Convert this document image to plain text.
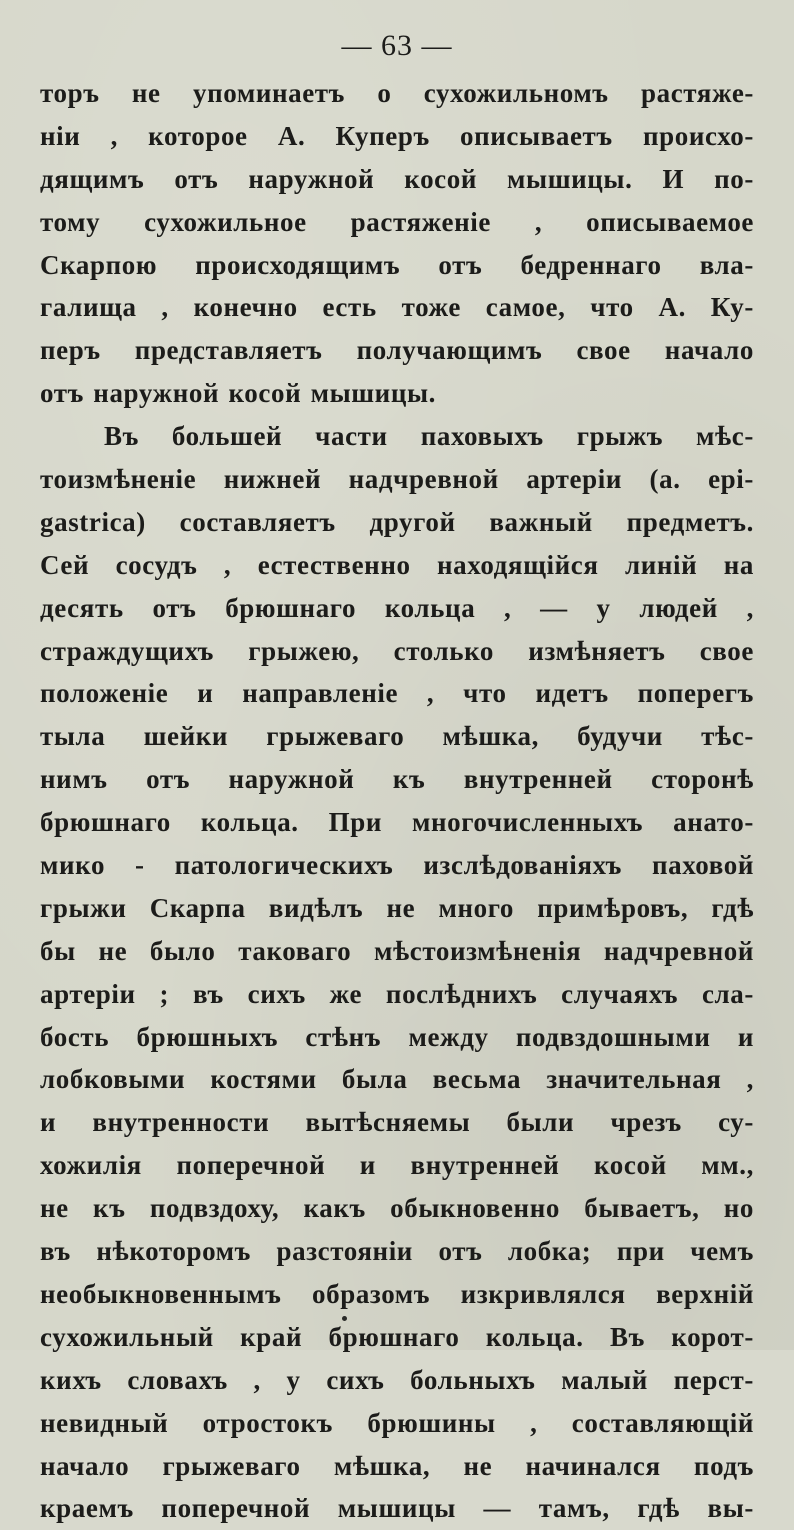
— 63 —
торъ не упоминаетъ о сухожильномъ растяже-
нiи , которое А. Куперъ описываетъ происхо-
дящимъ отъ наружной косой мышицы. И по-
тому сухожильное растяженiе , описываемое
Скарпою происходящимъ отъ бедреннаго вла-
галища , конечно есть тоже самое, что А. Ку-
перъ представляетъ получающимъ свое начало
отъ наружной косой мышицы.
Въ большей части паховыхъ грыжъ мѣс-
тоизмѣненiе нижней надчревной артерiи (a. epi-
gastrica) составляетъ другой важный предметъ.
Сей сосудъ , естественно находящiйся линiй на
десять отъ брюшнаго кольца , — у людей ,
страждущихъ грыжею, столько измѣняетъ свое
положенiе и направленiе , что идетъ поперегъ
тыла шейки грыжеваго мѣшка, будучи тѣс-
нимъ отъ наружной къ внутренней сторонѣ
брюшнаго кольца. При многочисленныхъ анато-
мико - патологическихъ изслѣдованiяхъ паховой
грыжи Скарпа видѣлъ не много примѣровъ, гдѣ
бы не было таковаго мѣстоизмѣненiя надчревной
артерiи ; въ сихъ же послѣднихъ случаяхъ сла-
бость брюшныхъ стѣнъ между подвздошными и
лобковыми костями была весьма значительная ,
и внутренности вытѣсняемы были чрезъ су-
хожилiя поперечной и внутренней косой мм.,
не къ подвздоху, какъ обыкновенно бываетъ, но
въ нѣкоторомъ разстоянiи отъ лобка; при чемъ
необыкновеннымъ образомъ изкривлялся верхнiй
сухожильный край брюшнаго кольца. Въ корот-
кихъ словахъ , у сихъ больныхъ малый перст-
невидный отростокъ брюшины , составляющiй
начало грыжеваго мѣшка, не начинался подъ
краемъ поперечной мышицы — тамъ, гдѣ вы-
